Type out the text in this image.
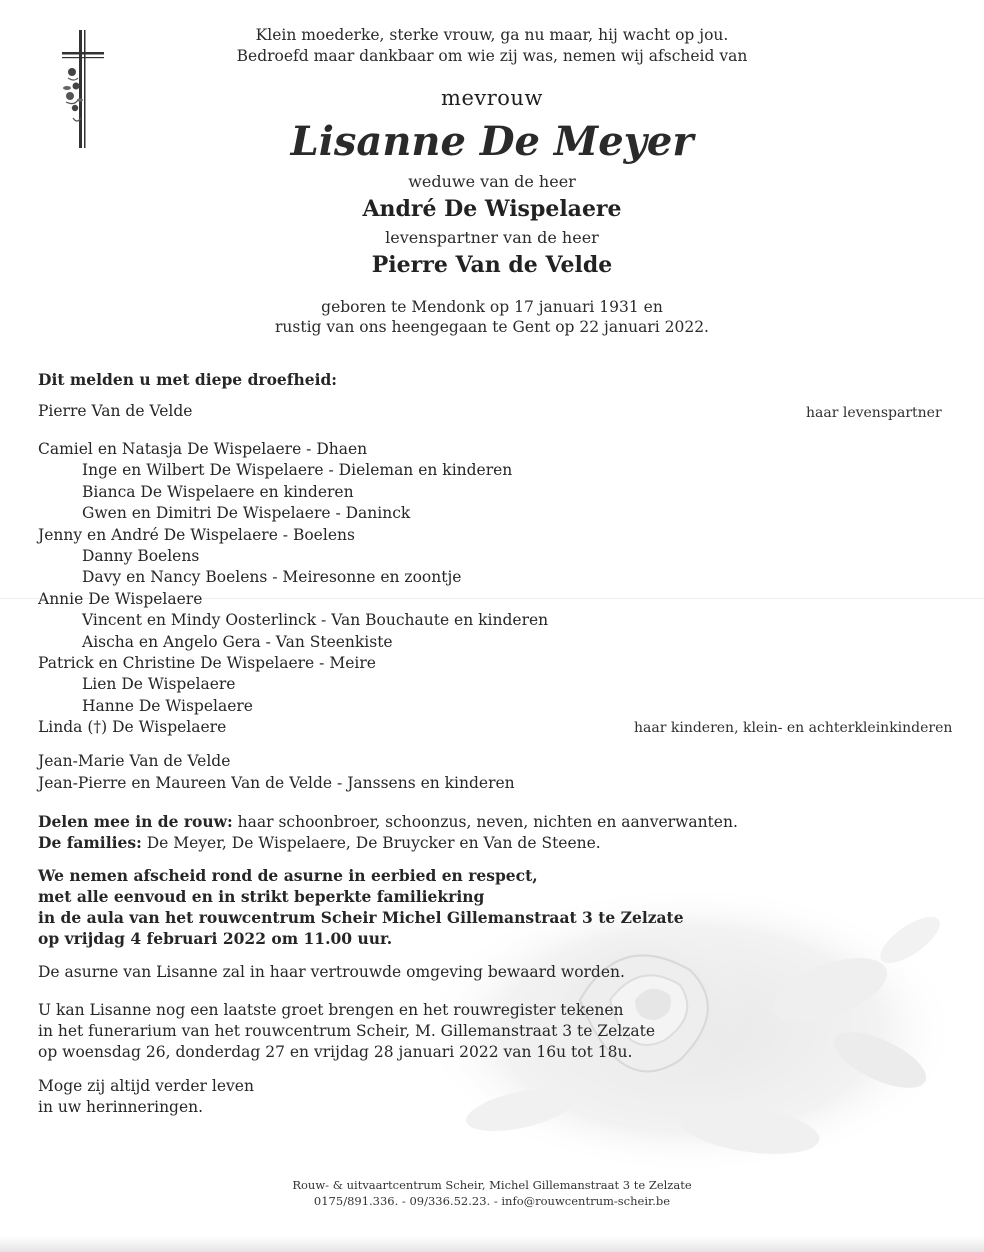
Klein moederke, sterke vrouw, ga nu maar, hij wacht op jou.
Bedroefd maar dankbaar om wie zij was, nemen wij afscheid van
mevrouw
Lisanne De Meyer
weduwe van de heer
André De Wispelaere
levenspartner van de heer
Pierre Van de Velde
geboren te Mendonk op 17 januari 1931 en
rustig van ons heengegaan te Gent op 22 januari 2022.
Dit melden u met diepe droefheid:
Pierre Van de Velde	haar levenspartner
Camiel en Natasja De Wispelaere - Dhaen
Inge en Wilbert De Wispelaere - Dieleman en kinderen
Bianca De Wispelaere en kinderen
Gwen en Dimitri De Wispelaere - Daninck
Jenny en André De Wispelaere - Boelens
Danny Boelens
Davy en Nancy Boelens - Meiresonne en zoontje
Annie De Wispelaere
Vincent en Mindy Oosterlinck - Van Bouchaute en kinderen
Aischa en Angelo Gera - Van Steenkiste
Patrick en Christine De Wispelaere - Meire
Lien De Wispelaere
Hanne De Wispelaere
Linda (†) De Wispelaere	haar kinderen, klein- en achterkleinkinderen
Jean-Marie Van de Velde
Jean-Pierre en Maureen Van de Velde - Janssens en kinderen
Delen mee in de rouw: haar schoonbroer, schoonzus, neven, nichten en aanverwanten.
De families: De Meyer, De Wispelaere, De Bruycker en Van de Steene.
We nemen afscheid rond de asurne in eerbied en respect,
met alle eenvoud en in strikt beperkte familiekring
in de aula van het rouwcentrum Scheir Michel Gillemanstraat 3 te Zelzate
op vrijdag 4 februari 2022 om 11.00 uur.
De asurne van Lisanne zal in haar vertrouwde omgeving bewaard worden.
U kan Lisanne nog een laatste groet brengen en het rouwregister tekenen
in het funerarium van het rouwcentrum Scheir, M. Gillemanstraat 3 te Zelzate
op woensdag 26, donderdag 27 en vrijdag 28 januari 2022 van 16u tot 18u.
Moge zij altijd verder leven
in uw herinneringen.
Rouw- & uitvaartcentrum Scheir, Michel Gillemanstraat 3 te Zelzate
0175/891.336. - 09/336.52.23. - info@rouwcentrum-scheir.be
